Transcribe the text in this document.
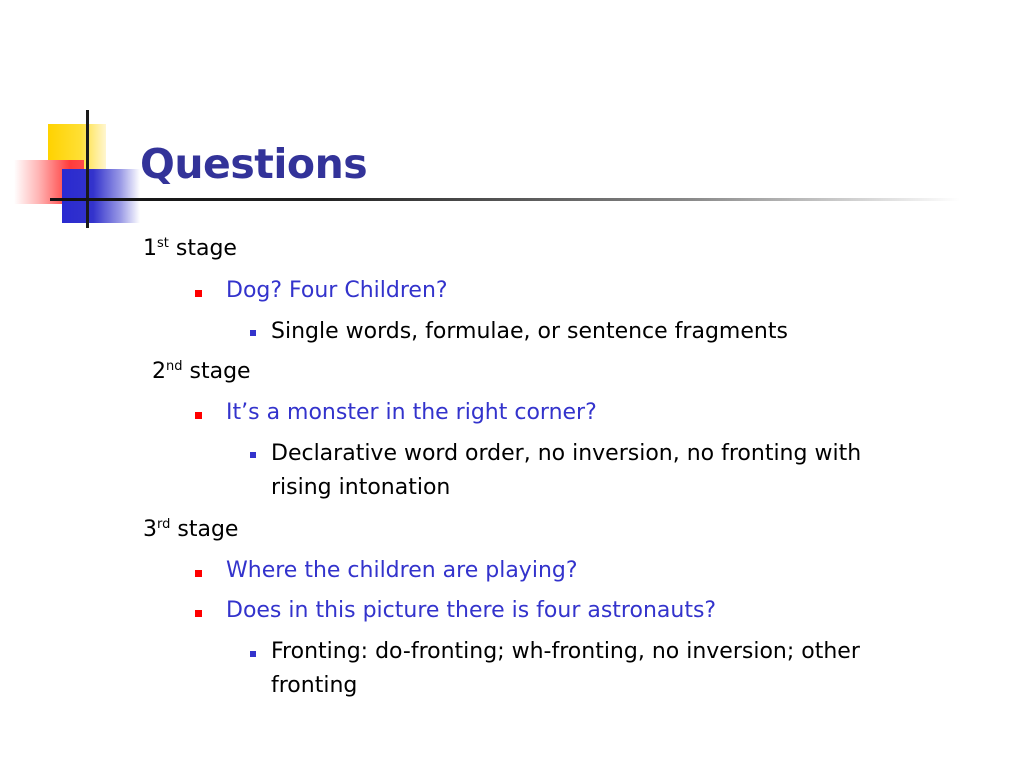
Questions

1st stage

Dog? Four Children?

Single words, formulae, or sentence fragments

2nd stage

It’s a monster in the right corner?

Declarative word order, no inversion, no fronting with

rising intonation

3rd stage

Where the children are playing?

Does in this picture there is four astronauts?

Fronting: do-fronting; wh-fronting, no inversion; other

fronting
